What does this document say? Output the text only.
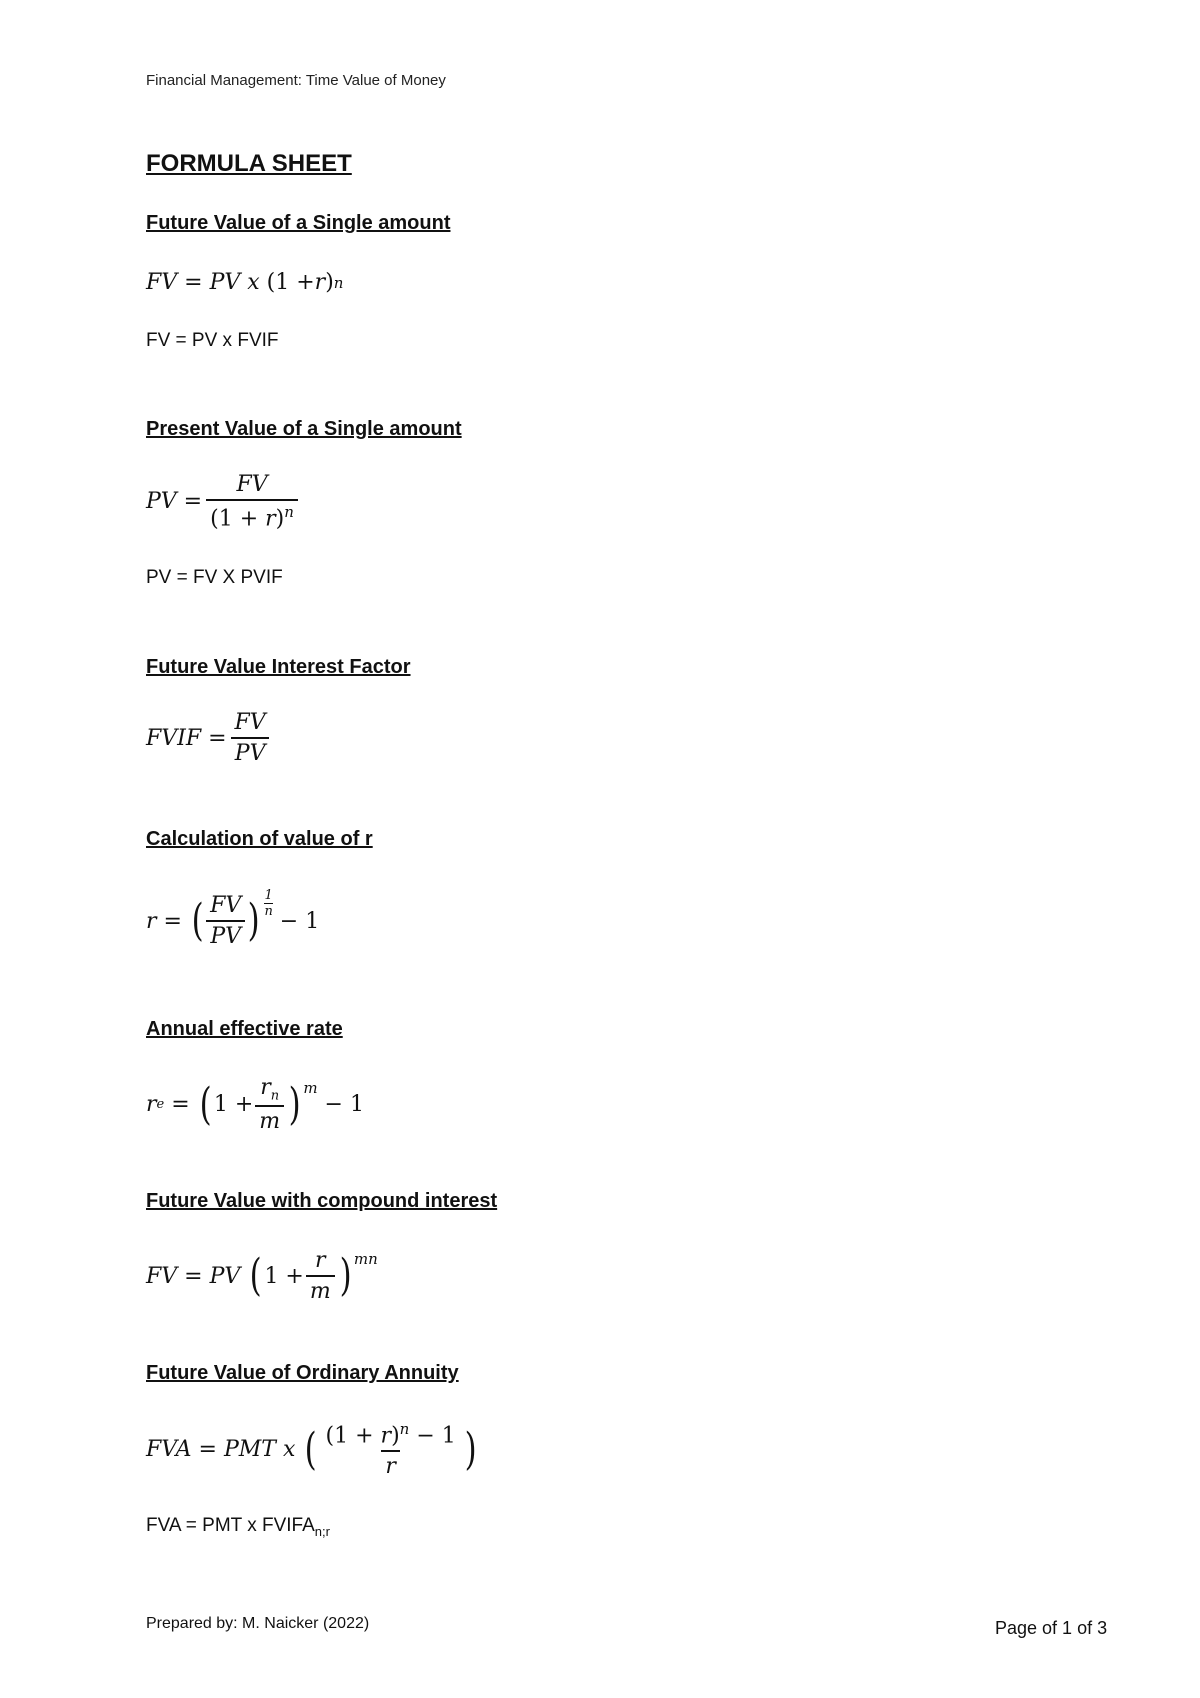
Financial Management: Time Value of Money
FORMULA SHEET
Future Value of a Single amount
FV = PV x (1 + r ) n
FV = PV x FVIF
Present Value of a Single amount
PV = $\frac{FV}{(1 + r)^n}$
PV = FV X PVIF
Future Value Interest Factor
FVIF = $\frac{FV}{PV}$
Calculation of value of r
r = ( $\frac{FV}{PV}$ ) $\frac{1}{n}$
− 1
Annual effective rate
r e = ( $1 + \frac{r_n}{m} )^m$
− 1
Future Value with compound interest
FV = PV ( $1 + \frac{r}{m} )^{mn}$
Future Value of Ordinary Annuity
FVA = PMT x ( $\frac{(1 + r)^n - 1}{r}$ )
FVA = PMT x $FVIFA_{n;r}$
Prepared by: M. Naicker (2022)	Page of 1 of 3
